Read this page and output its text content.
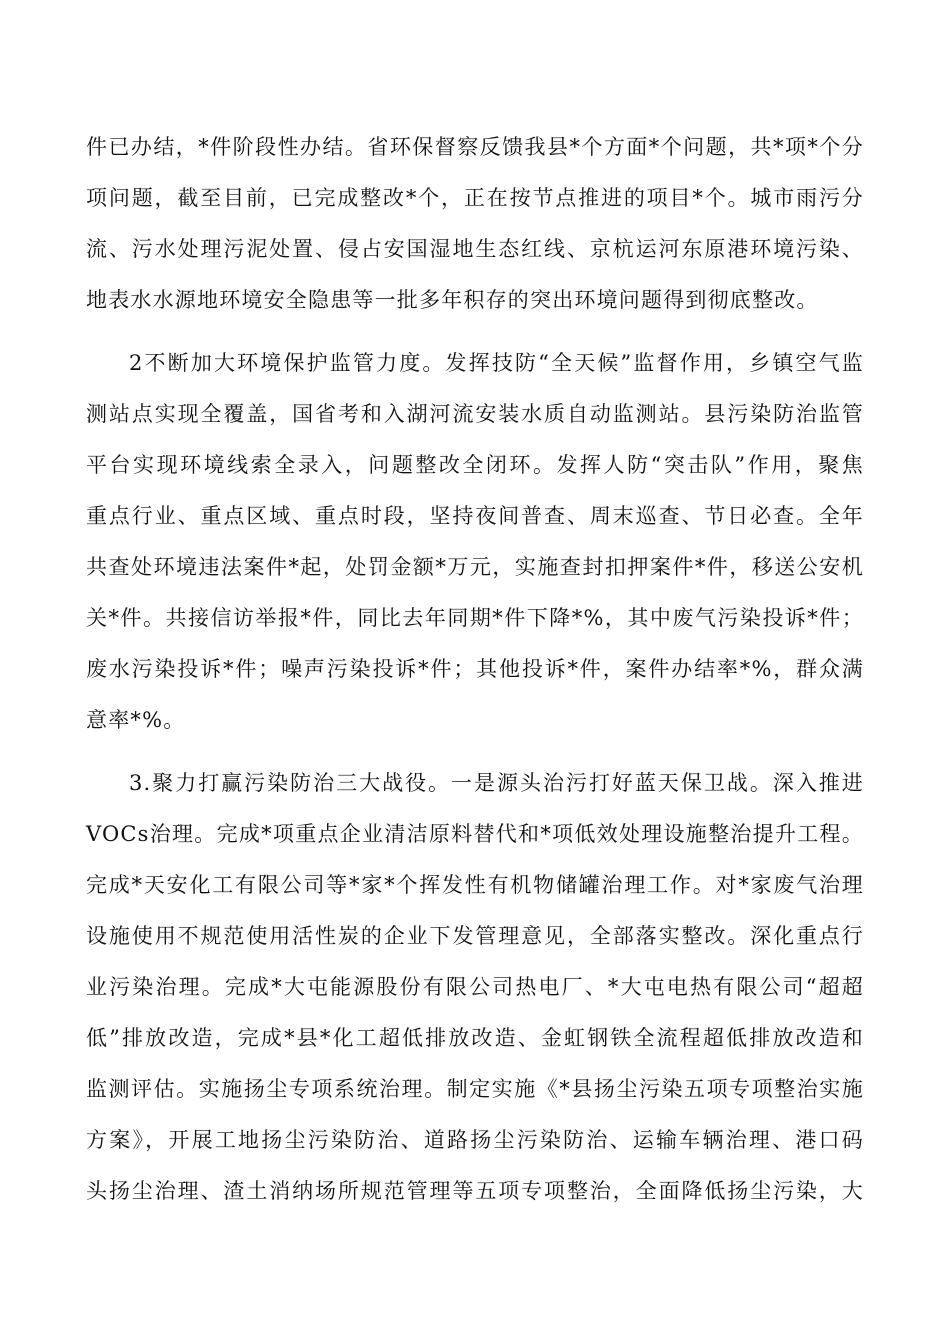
件已办结，*件阶段性办结。省环保督察反馈我县*个方面*个问题，共*项*个分
项问题，截至目前，已完成整改*个，正在按节点推进的项目*个。城市雨污分
流、污水处理污泥处置、侵占安国湿地生态红线、京杭运河东原港环境污染、
地表水水源地环境安全隐患等一批多年积存的突出环境问题得到彻底整改。
2不断加大环境保护监管力度。发挥技防“全天候”监督作用，乡镇空气监
测站点实现全覆盖，国省考和入湖河流安装水质自动监测站。县污染防治监管
平台实现环境线索全录入，问题整改全闭环。发挥人防“突击队”作用，聚焦
重点行业、重点区域、重点时段，坚持夜间普查、周末巡查、节日必查。全年
共查处环境违法案件*起，处罚金额*万元，实施查封扣押案件*件，移送公安机
关*件。共接信访举报*件，同比去年同期*件下降*%，其中废气污染投诉*件；
废水污染投诉*件；噪声污染投诉*件；其他投诉*件，案件办结率*%，群众满
意率*%。
3.聚力打赢污染防治三大战役。一是源头治污打好蓝天保卫战。深入推进
VOCs治理。完成*项重点企业清洁原料替代和*项低效处理设施整治提升工程。
完成*天安化工有限公司等*家*个挥发性有机物储罐治理工作。对*家废气治理
设施使用不规范使用活性炭的企业下发管理意见，全部落实整改。深化重点行
业污染治理。完成*大屯能源股份有限公司热电厂、*大屯电热有限公司“超超
低”排放改造，完成*县*化工超低排放改造、金虹钢铁全流程超低排放改造和
监测评估。实施扬尘专项系统治理。制定实施《*县扬尘污染五项专项整治实施
方案》，开展工地扬尘污染防治、道路扬尘污染防治、运输车辆治理、港口码
头扬尘治理、渣土消纳场所规范管理等五项专项整治，全面降低扬尘污染，大
